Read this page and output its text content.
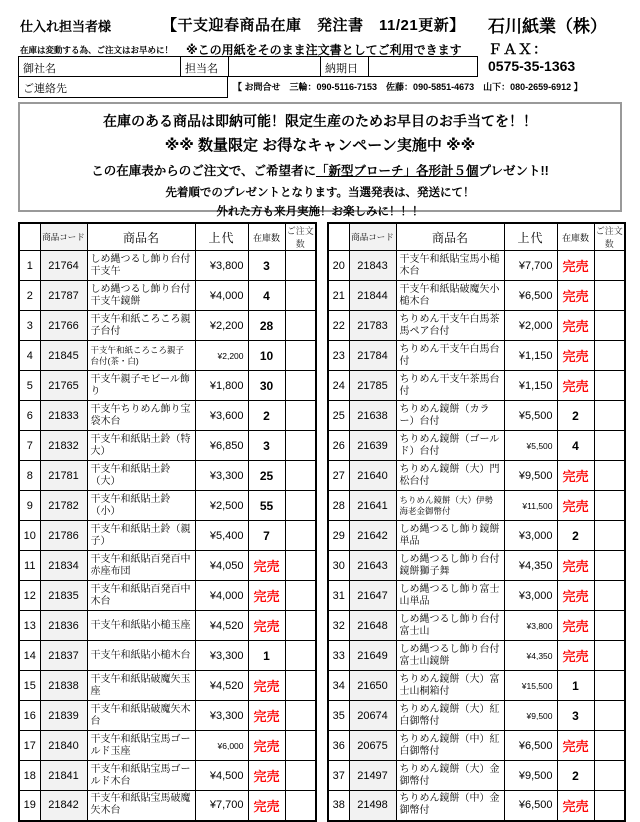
仕入れ担当者様
在庫は変動する為、ご注文はお早めに！
【干支迎春商品在庫　発注書　11/21更新】
※この用紙をそのまま注文書としてご利用できます
石川紙業（株）
ＦＡＸ：
0575-35-1363
御社名	担当名	納期日
ご連絡先	【 お問合せ　三輪：090-5116-7153　佐藤：090-5851-4673　山下：080-2659-6912 】
在庫のある商品は即納可能！限定生産のためお早目のお手当てを！！
※※ 数量限定 お得なキャンペーン実施中 ※※
この在庫表からのご注文で、ご希望者に「新型ブローチ」各形計５個プレゼント!!
先着順でのプレゼントとなります。当選発表は、発送にて！
外れた方も来月実施！お楽しみに！！！
	商品コード	商品名	上代	在庫数	ご注文数
1	21764	しめ縄つるし飾り台付干支午	¥3,800	3	
2	21787	しめ縄つるし飾り台付干支午鏡餅	¥4,000	4	
3	21766	干支午和紙ころころ親子台付	¥2,200	28	
4	21845	干支午和紙ころころ親子台付(茶・白)	¥2,200	10	
5	21765	干支午親子モビール飾り	¥1,800	30	
6	21833	干支午ちりめん飾り宝袋木台	¥3,600	2	
7	21832	干支午和紙貼土鈴（特大）	¥6,850	3	
8	21781	干支午和紙貼土鈴（大）	¥3,300	25	
9	21782	干支午和紙貼土鈴（小）	¥2,500	55	
10	21786	干支午和紙貼土鈴（親子）	¥5,400	7	
11	21834	干支午和紙貼百発百中赤座布団	¥4,050	完売	
12	21835	干支午和紙貼百発百中木台	¥4,000	完売	
13	21836	干支午和紙貼小槌玉座	¥4,520	完売	
14	21837	干支午和紙貼小槌木台	¥3,300	1	
15	21838	干支午和紙貼破魔矢玉座	¥4,520	完売	
16	21839	干支午和紙貼破魔矢木台	¥3,300	完売	
17	21840	干支午和紙貼宝馬ゴールド玉座	¥6,000	完売	
18	21841	干支午和紙貼宝馬ゴールド木台	¥4,500	完売	
19	21842	干支午和紙貼宝馬破魔矢木台	¥7,700	完売	
	商品コード	商品名	上代	在庫数	ご注文数
20	21843	干支午和紙貼宝馬小槌木台	¥7,700	完売	
21	21844	干支午和紙貼破魔矢小槌木台	¥6,500	完売	
22	21783	ちりめん干支午白馬茶馬ペア台付	¥2,000	完売	
23	21784	ちりめん干支午白馬台付	¥1,150	完売	
24	21785	ちりめん干支午茶馬台付	¥1,150	完売	
25	21638	ちりめん鏡餅（カラー）台付	¥5,500	2	
26	21639	ちりめん鏡餅（ゴールド）台付	¥5,500	4	
27	21640	ちりめん鏡餅（大）門松台付	¥9,500	完売	
28	21641	ちりめん鏡餅（大）伊勢海老金御幣付	¥11,500	完売	
29	21642	しめ縄つるし飾り鏡餅単品	¥3,000	2	
30	21643	しめ縄つるし飾り台付鏡餅獅子舞	¥4,350	完売	
31	21647	しめ縄つるし飾り富士山単品	¥3,000	完売	
32	21648	しめ縄つるし飾り台付富士山	¥3,800	完売	
33	21649	しめ縄つるし飾り台付富士山鏡餅	¥4,350	完売	
34	21650	ちりめん鏡餅（大）富士山桐箱付	¥15,500	1	
35	20674	ちりめん鏡餅（大）紅白御幣付	¥9,500	3	
36	20675	ちりめん鏡餅（中）紅白御幣付	¥6,500	完売	
37	21497	ちりめん鏡餅（大）金御幣付	¥9,500	2	
38	21498	ちりめん鏡餅（中）金御幣付	¥6,500	完売	
